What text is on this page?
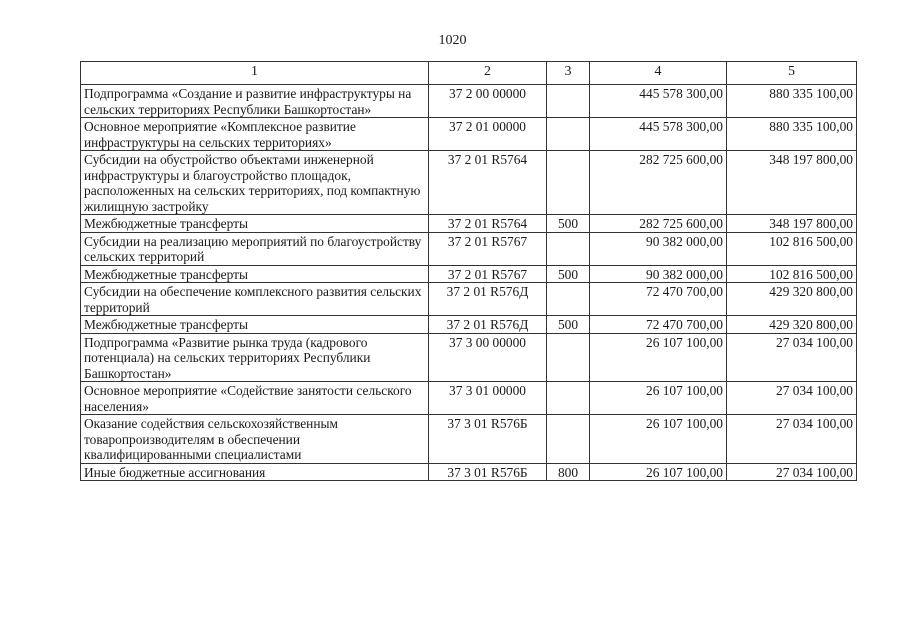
1020
1	2	3	4	5
Подпрограмма «Создание и развитие инфраструктуры на сельских территориях Республики Башкортостан»	37 2 00 00000		445 578 300,00	880 335 100,00
Основное мероприятие «Комплексное развитие инфраструктуры на сельских территориях»	37 2 01 00000		445 578 300,00	880 335 100,00
Субсидии на обустройство объектами инженерной инфраструктуры и благоустройство площадок, расположенных на сельских территориях, под компактную жилищную застройку	37 2 01 R5764		282 725 600,00	348 197 800,00
Межбюджетные трансферты	37 2 01 R5764	500	282 725 600,00	348 197 800,00
Субсидии на реализацию мероприятий по благоустройству сельских территорий	37 2 01 R5767		90 382 000,00	102 816 500,00
Межбюджетные трансферты	37 2 01 R5767	500	90 382 000,00	102 816 500,00
Субсидии на обеспечение комплексного развития сельских территорий	37 2 01 R576Д		72 470 700,00	429 320 800,00
Межбюджетные трансферты	37 2 01 R576Д	500	72 470 700,00	429 320 800,00
Подпрограмма «Развитие рынка труда (кадрового потенциала) на сельских территориях Республики Башкортостан»	37 3 00 00000		26 107 100,00	27 034 100,00
Основное мероприятие «Содействие занятости сельского населения»	37 3 01 00000		26 107 100,00	27 034 100,00
Оказание содействия сельскохозяйственным товаропроизводителям в обеспечении квалифицированными специалистами	37 3 01 R576Б		26 107 100,00	27 034 100,00
Иные бюджетные ассигнования	37 3 01 R576Б	800	26 107 100,00	27 034 100,00
